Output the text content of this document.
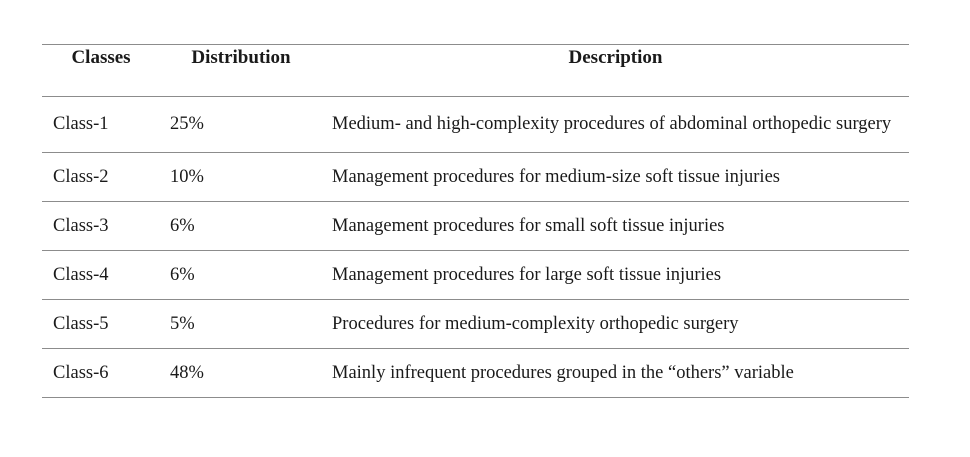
Classes	Distribution	Description
Class-1	25%	Medium- and high-complexity procedures of abdominal orthopedic surgery
Class-2	10%	Management procedures for medium-size soft tissue injuries
Class-3	6%	Management procedures for small soft tissue injuries
Class-4	6%	Management procedures for large soft tissue injuries
Class-5	5%	Procedures for medium-complexity orthopedic surgery
Class-6	48%	Mainly infrequent procedures grouped in the “others” variable
